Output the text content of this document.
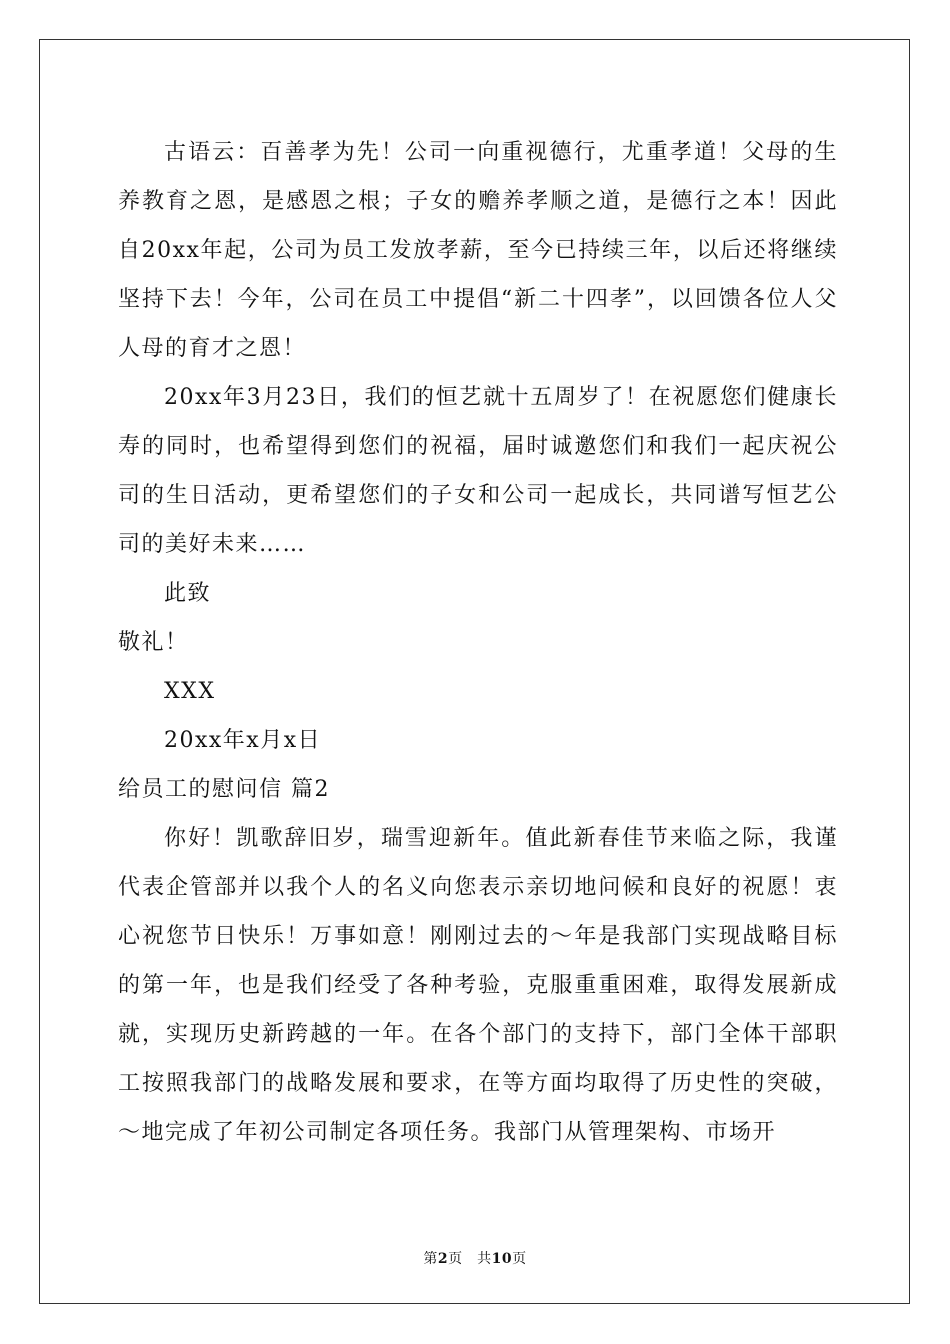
古语云：百善孝为先！公司一向重视德行，尤重孝道！父母的生养教育之恩，是感恩之根；子女的赡养孝顺之道，是德行之本！因此自20xx年起，公司为员工发放孝薪，至今已持续三年，以后还将继续坚持下去！今年，公司在员工中提倡“新二十四孝”，以回馈各位人父人母的育才之恩！

20xx年3月23日，我们的恒艺就十五周岁了！在祝愿您们健康长寿的同时，也希望得到您们的祝福，届时诚邀您们和我们一起庆祝公司的生日活动，更希望您们的子女和公司一起成长，共同谱写恒艺公司的美好未来……

此致

敬礼！

XXX

20xx年x月x日

给员工的慰问信 篇2

你好！凯歌辞旧岁，瑞雪迎新年。值此新春佳节来临之际，我谨代表企管部并以我个人的名义向您表示亲切地问候和良好的祝愿！衷心祝您节日快乐！万事如意！刚刚过去的～年是我部门实现战略目标的第一年，也是我们经受了各种考验，克服重重困难，取得发展新成就，实现历史新跨越的一年。在各个部门的支持下，部门全体干部职工按照我部门的战略发展和要求，在等方面均取得了历史性的突破，～地完成了年初公司制定各项任务。我部门从管理架构、市场开

第2页　共10页
